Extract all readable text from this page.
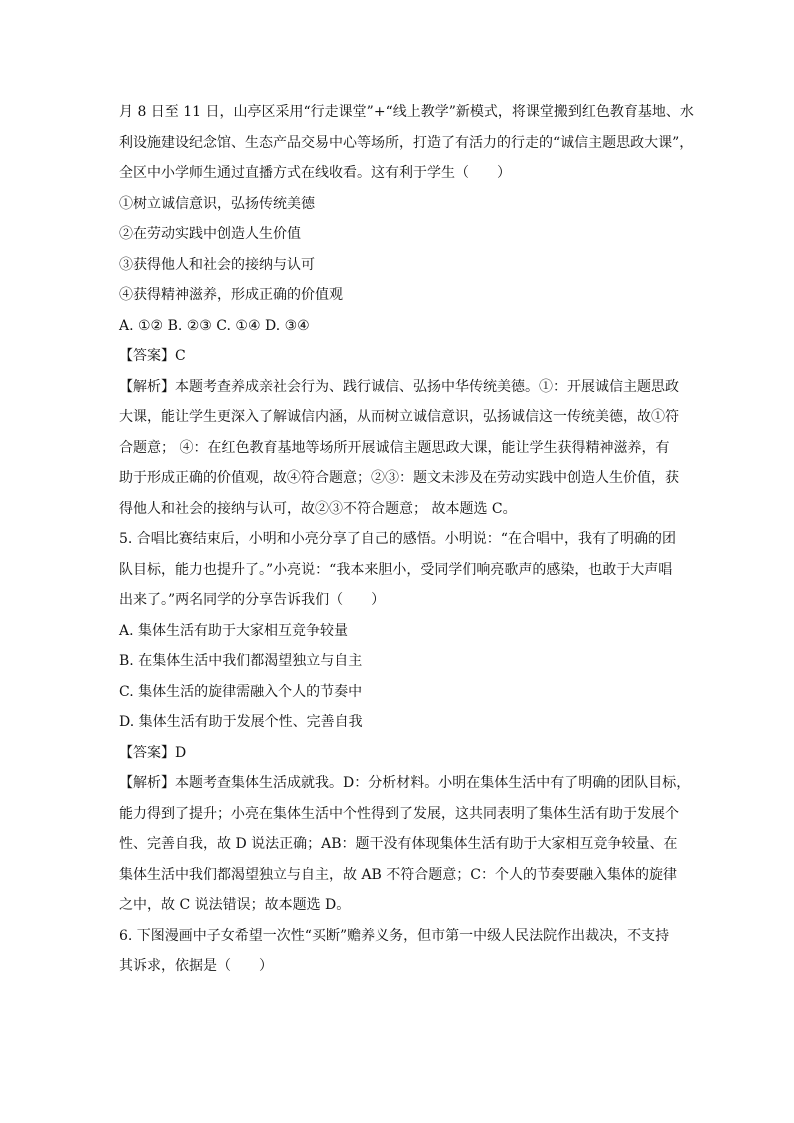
月 8 日至 11 日，山亭区采用“行走课堂”+“线上教学”新模式，将课堂搬到红色教育基地、水
利设施建设纪念馆、生态产品交易中心等场所，打造了有活力的行走的“诚信主题思政大课”，
全区中小学师生通过直播方式在线收看。这有利于学生（　　）
①树立诚信意识，弘扬传统美德
②在劳动实践中创造人生价值
③获得他人和社会的接纳与认可
④获得精神滋养，形成正确的价值观
A. ①② B. ②③ C. ①④ D. ③④
【答案】C
【解析】本题考查养成亲社会行为、践行诚信、弘扬中华传统美德。①：开展诚信主题思政
大课，能让学生更深入了解诚信内涵，从而树立诚信意识，弘扬诚信这一传统美德，故①符
合题意； ④：在红色教育基地等场所开展诚信主题思政大课，能让学生获得精神滋养，有
助于形成正确的价值观，故④符合题意；②③：题文未涉及在劳动实践中创造人生价值，获
得他人和社会的接纳与认可，故②③不符合题意； 故本题选 C。
5. 合唱比赛结束后，小明和小亮分享了自己的感悟。小明说：“在合唱中，我有了明确的团
队目标，能力也提升了。”小亮说：“我本来胆小，受同学们响亮歌声的感染，也敢于大声唱
出来了。”两名同学的分享告诉我们（　　）
A. 集体生活有助于大家相互竞争较量
B. 在集体生活中我们都渴望独立与自主
C. 集体生活的旋律需融入个人的节奏中
D. 集体生活有助于发展个性、完善自我
【答案】D
【解析】本题考查集体生活成就我。D：分析材料。小明在集体生活中有了明确的团队目标，
能力得到了提升；小亮在集体生活中个性得到了发展，这共同表明了集体生活有助于发展个
性、完善自我，故 D 说法正确；AB：题干没有体现集体生活有助于大家相互竞争较量、在
集体生活中我们都渴望独立与自主，故 AB 不符合题意；C：个人的节奏要融入集体的旋律
之中，故 C 说法错误；故本题选 D。
6. 下图漫画中子女希望一次性“买断”赡养义务，但市第一中级人民法院作出裁决，不支持
其诉求，依据是（　　）
